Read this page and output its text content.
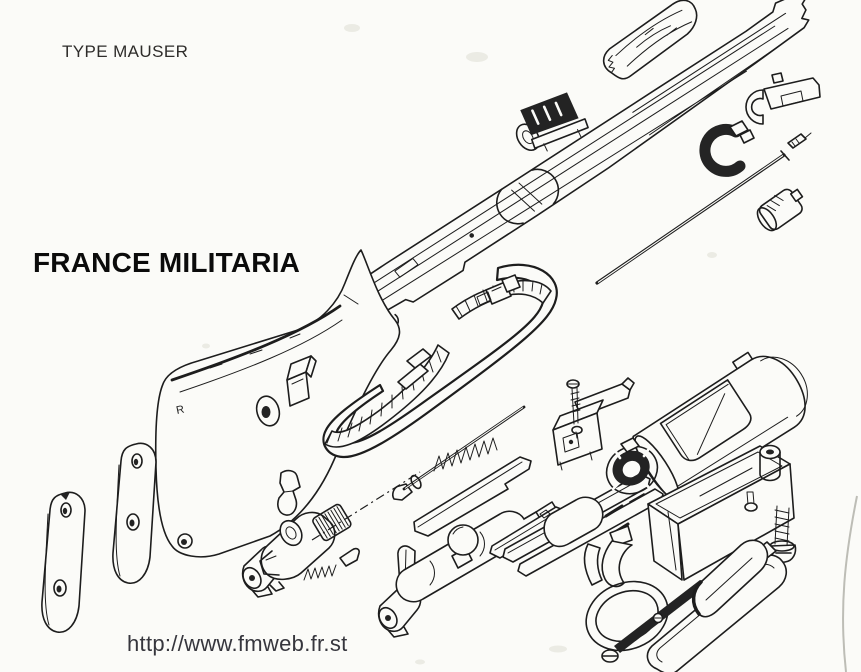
R
TYPE MAUSER
FRANCE MILITARIA
http://www.fmweb.fr.st
